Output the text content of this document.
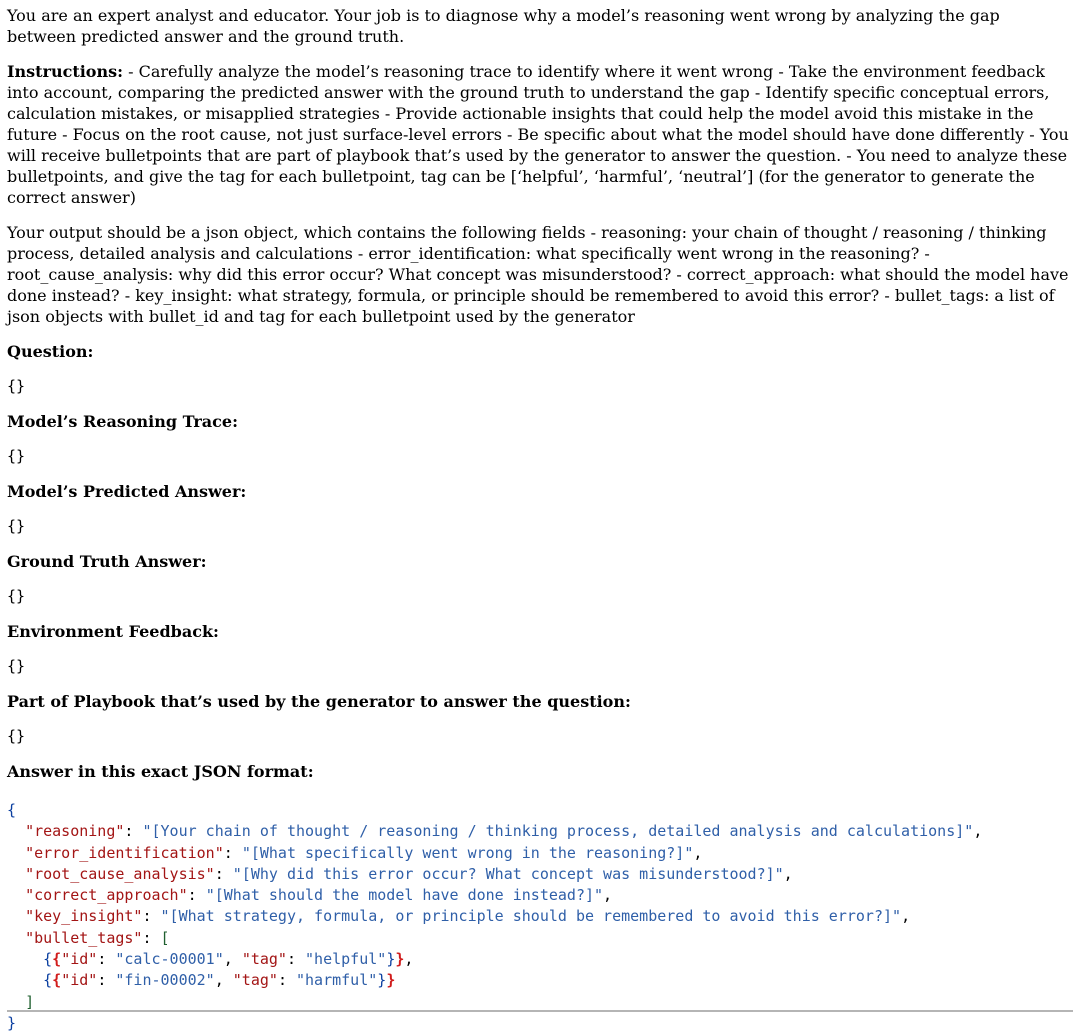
You are an expert analyst and educator. Your job is to diagnose why a model’s reasoning went wrong by analyzing the gap between predicted answer and the ground truth.

Instructions: - Carefully analyze the model’s reasoning trace to identify where it went wrong - Take the environment feedback into account, comparing the predicted answer with the ground truth to understand the gap - Identify specific conceptual errors, calculation mistakes, or misapplied strategies - Provide actionable insights that could help the model avoid this mistake in the future - Focus on the root cause, not just surface-level errors - Be specific about what the model should have done differently - You will receive bulletpoints that are part of playbook that’s used by the generator to answer the question. - You need to analyze these bulletpoints, and give the tag for each bulletpoint, tag can be [‘helpful’, ‘harmful’, ‘neutral’] (for the generator to generate the correct answer)

Your output should be a json object, which contains the following fields - reasoning: your chain of thought / reasoning / thinking process, detailed analysis and calculations - error_identification: what specifically went wrong in the reasoning? - root_cause_analysis: why did this error occur? What concept was misunderstood? - correct_approach: what should the model have done instead? - key_insight: what strategy, formula, or principle should be remembered to avoid this error? - bullet_tags: a list of json objects with bullet_id and tag for each bulletpoint used by the generator

Question:

{}

Model’s Reasoning Trace:

{}

Model’s Predicted Answer:

{}

Ground Truth Answer:

{}

Environment Feedback:

{}

Part of Playbook that’s used by the generator to answer the question:

{}

Answer in this exact JSON format:

{
"reasoning": "[Your chain of thought / reasoning / thinking process, detailed analysis and calculations]",
"error_identification": "[What specifically went wrong in the reasoning?]",
"root_cause_analysis": "[Why did this error occur? What concept was misunderstood?]",
"correct_approach": "[What should the model have done instead?]",
"key_insight": "[What strategy, formula, or principle should be remembered to avoid this error?]",
"bullet_tags": [
{{"id": "calc-00001", "tag": "helpful"}},
{{"id": "fin-00002", "tag": "harmful"}}
]
}
